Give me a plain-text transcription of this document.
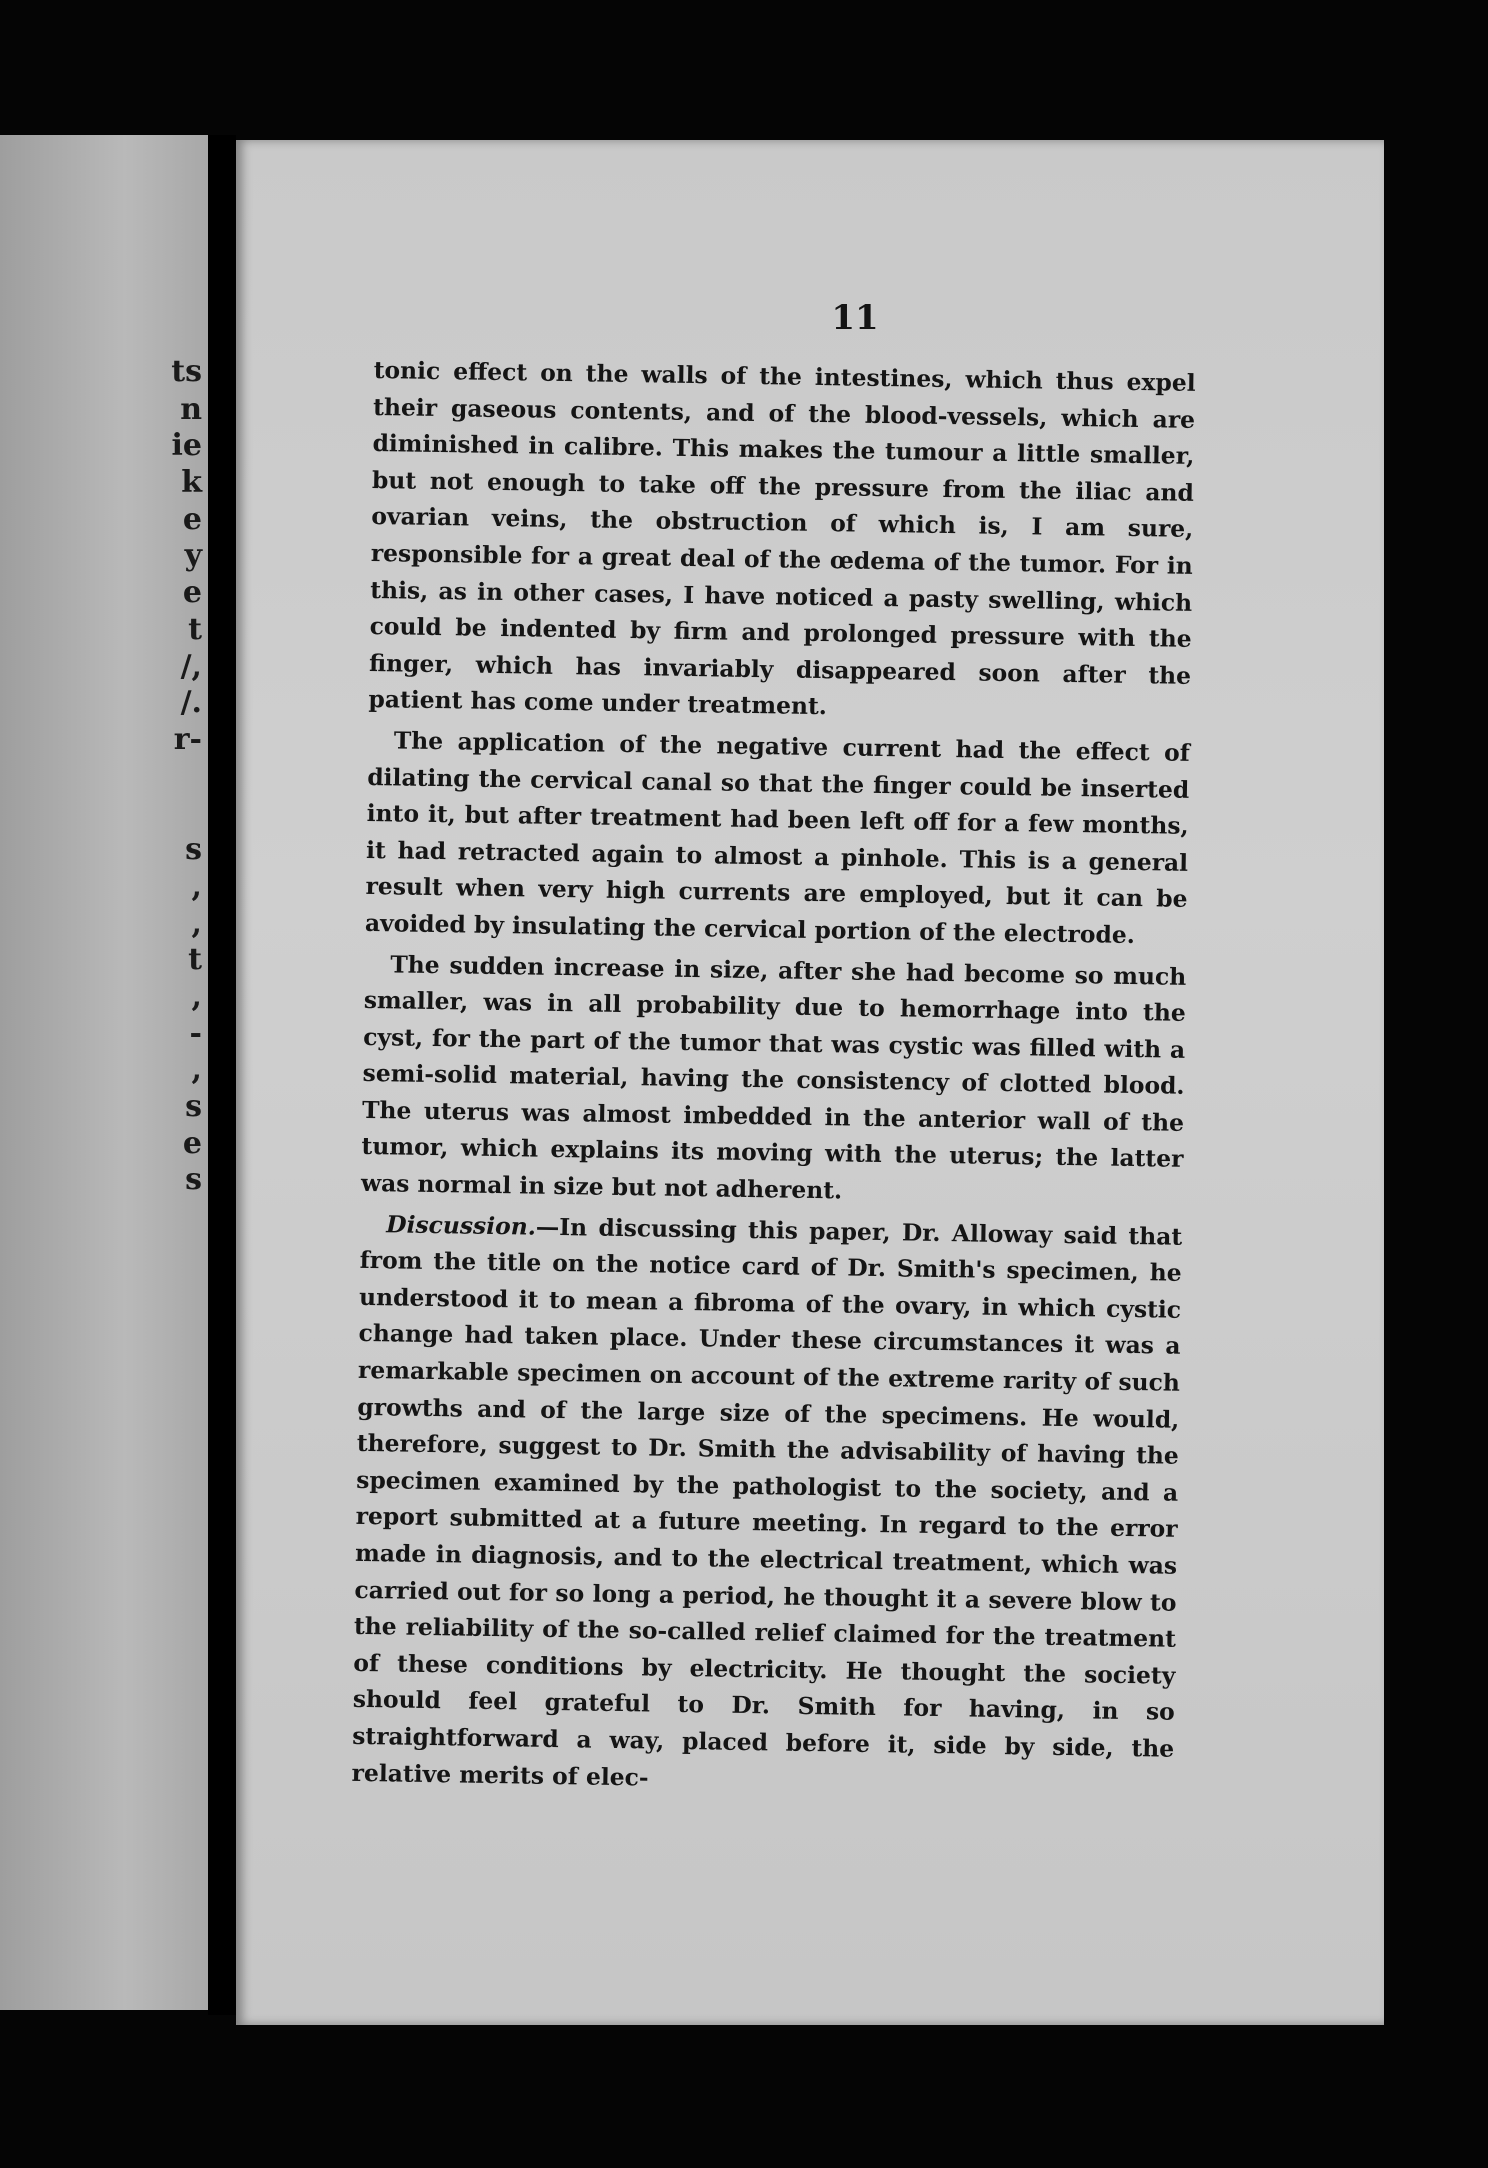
ts
n
ie
k
e
y
e
t
/,
/.
r-
s
,
,
t
,
-
,
s
e
s
11

tonic effect on the walls of the intestines, which thus expel their gaseous contents, and of the blood-vessels, which are diminished in calibre. This makes the tumour a little smaller, but not enough to take off the pressure from the iliac and ovarian veins, the obstruction of which is, I am sure, responsible for a great deal of the œdema of the tumor. For in this, as in other cases, I have noticed a pasty swelling, which could be indented by firm and prolonged pressure with the finger, which has invariably disappeared soon after the patient has come under treatment.

The application of the negative current had the effect of dilating the cervical canal so that the finger could be inserted into it, but after treatment had been left off for a few months, it had retracted again to almost a pinhole. This is a general result when very high currents are employed, but it can be avoided by insulating the cervical portion of the electrode.

The sudden increase in size, after she had become so much smaller, was in all probability due to hemorrhage into the cyst, for the part of the tumor that was cystic was filled with a semi-solid material, having the consistency of clotted blood. The uterus was almost imbedded in the anterior wall of the tumor, which explains its moving with the uterus; the latter was normal in size but not adherent.

Discussion.—In discussing this paper, Dr. Alloway said that from the title on the notice card of Dr. Smith's specimen, he understood it to mean a fibroma of the ovary, in which cystic change had taken place. Under these circumstances it was a remarkable specimen on account of the extreme rarity of such growths and of the large size of the specimens. He would, therefore, suggest to Dr. Smith the advisability of having the specimen examined by the pathologist to the society, and a report submitted at a future meeting. In regard to the error made in diagnosis, and to the electrical treatment, which was carried out for so long a period, he thought it a severe blow to the reliability of the so-called relief claimed for the treatment of these conditions by electricity. He thought the society should feel grateful to Dr. Smith for having, in so straightforward a way, placed before it, side by side, the relative merits of elec-
